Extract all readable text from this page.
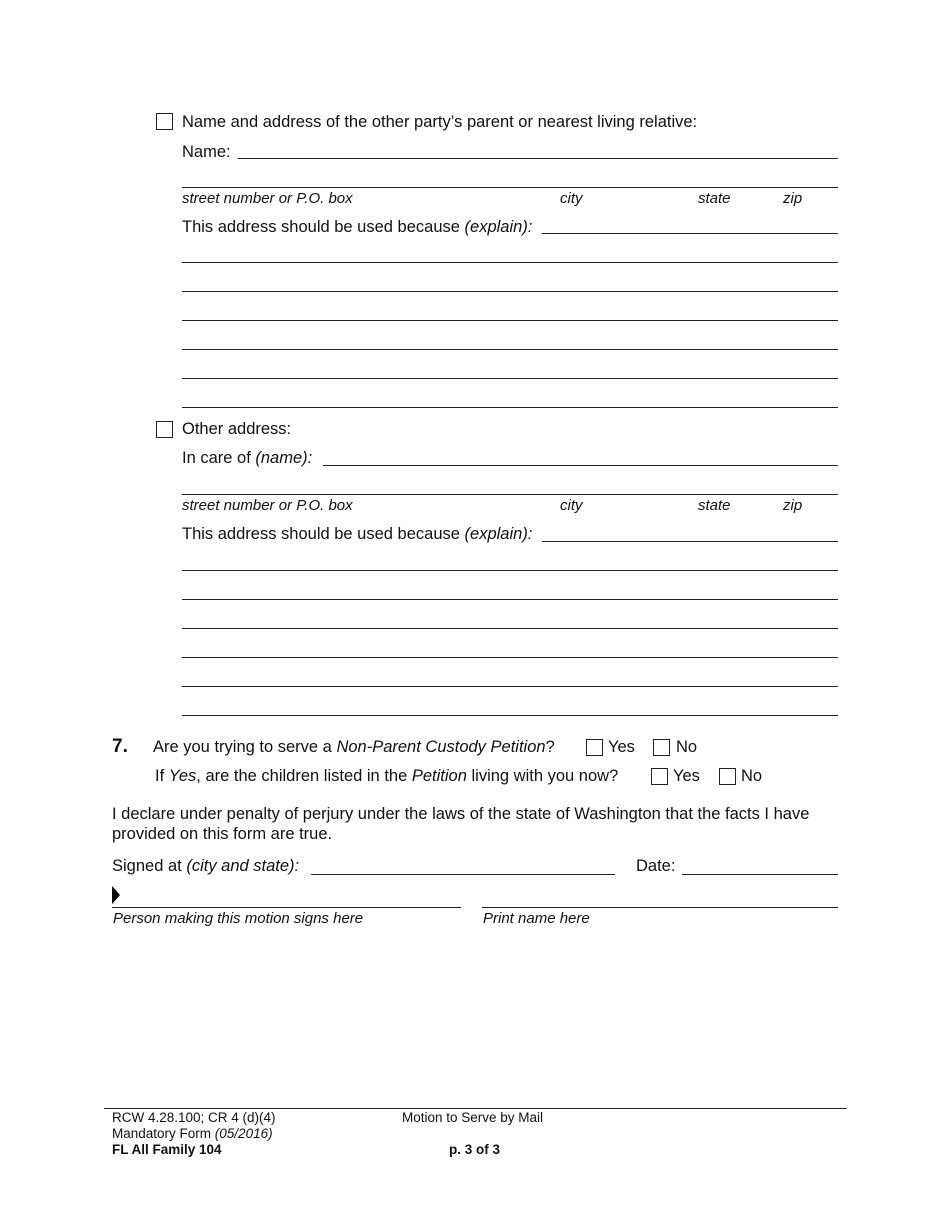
Name and address of the other party’s parent or nearest living relative:
Name:
street number or P.O. box	city	state	zip
This address should be used because (explain):
Other address:
In care of (name):
street number or P.O. box	city	state	zip
This address should be used because (explain):
7. Are you trying to serve a Non-Parent Custody Petition?	Yes No
If Yes, are the children listed in the Petition living with you now?	Yes No
I declare under penalty of perjury under the laws of the state of Washington that the facts I have
provided on this form are true.
Signed at (city and state):	Date:
Person making this motion signs here	Print name here
RCW 4.28.100; CR 4 (d)(4)
Mandatory Form (05/2016)
FL All Family 104
Motion to Serve by Mail
p. 3 of 3
